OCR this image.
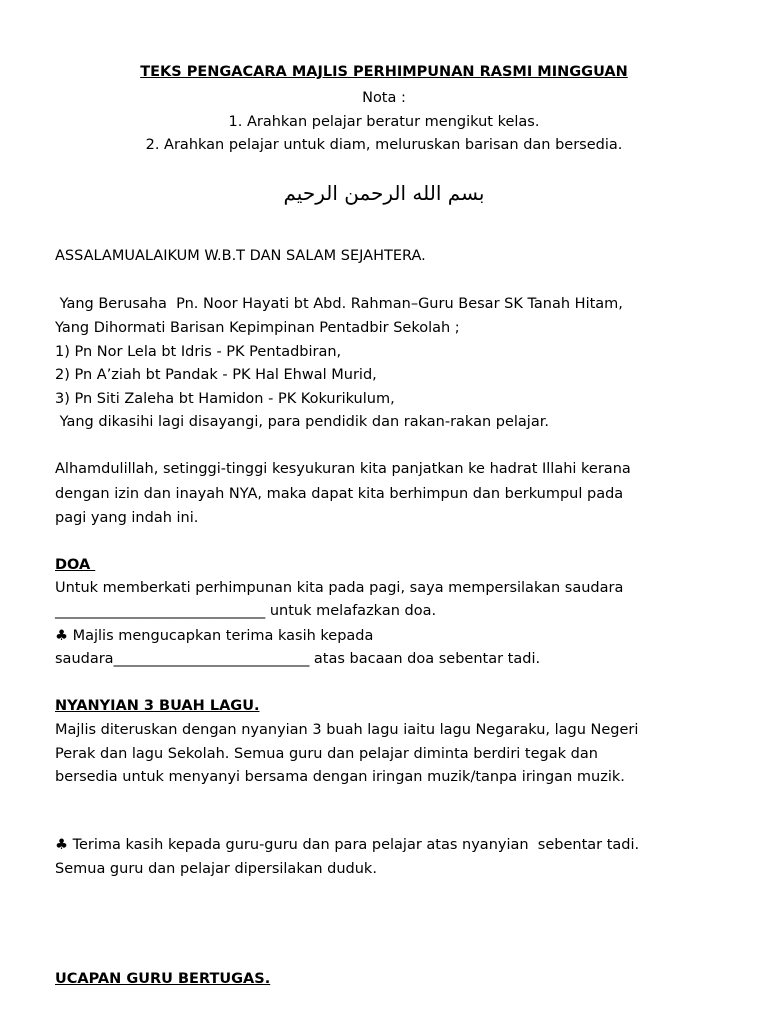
TEKS PENGACARA MAJLIS PERHIMPUNAN RASMI MINGGUAN
Nota :
1. Arahkan pelajar beratur mengikut kelas.
2. Arahkan pelajar untuk diam, meluruskan barisan dan bersedia.
بسم الله الرحمن الرحيم
ASSALAMUALAIKUM W.B.T DAN SALAM SEJAHTERA.
Yang Berusaha  Pn. Noor Hayati bt Abd. Rahman–Guru Besar SK Tanah Hitam,
Yang Dihormati Barisan Kepimpinan Pentadbir Sekolah ;
1) Pn Nor Lela bt Idris - PK Pentadbiran,
2) Pn A’ziah bt Pandak - PK Hal Ehwal Murid,
3) Pn Siti Zaleha bt Hamidon - PK Kokurikulum,
Yang dikasihi lagi disayangi, para pendidik dan rakan-rakan pelajar.
Alhamdulillah, setinggi-tinggi kesyukuran kita panjatkan ke hadrat Illahi kerana
dengan izin dan inayah NYA, maka dapat kita berhimpun dan berkumpul pada
pagi yang indah ini.
DOA
Untuk memberkati perhimpunan kita pada pagi, saya mempersilakan saudara
_____________________________ untuk melafazkan doa.
♣ Majlis mengucapkan terima kasih kepada
saudara___________________________ atas bacaan doa sebentar tadi.
NYANYIAN 3 BUAH LAGU.
Majlis diteruskan dengan nyanyian 3 buah lagu iaitu lagu Negaraku, lagu Negeri
Perak dan lagu Sekolah. Semua guru dan pelajar diminta berdiri tegak dan
bersedia untuk menyanyi bersama dengan iringan muzik/tanpa iringan muzik.
♣ Terima kasih kepada guru-guru dan para pelajar atas nyanyian  sebentar tadi.
Semua guru dan pelajar dipersilakan duduk.
UCAPAN GURU BERTUGAS.
